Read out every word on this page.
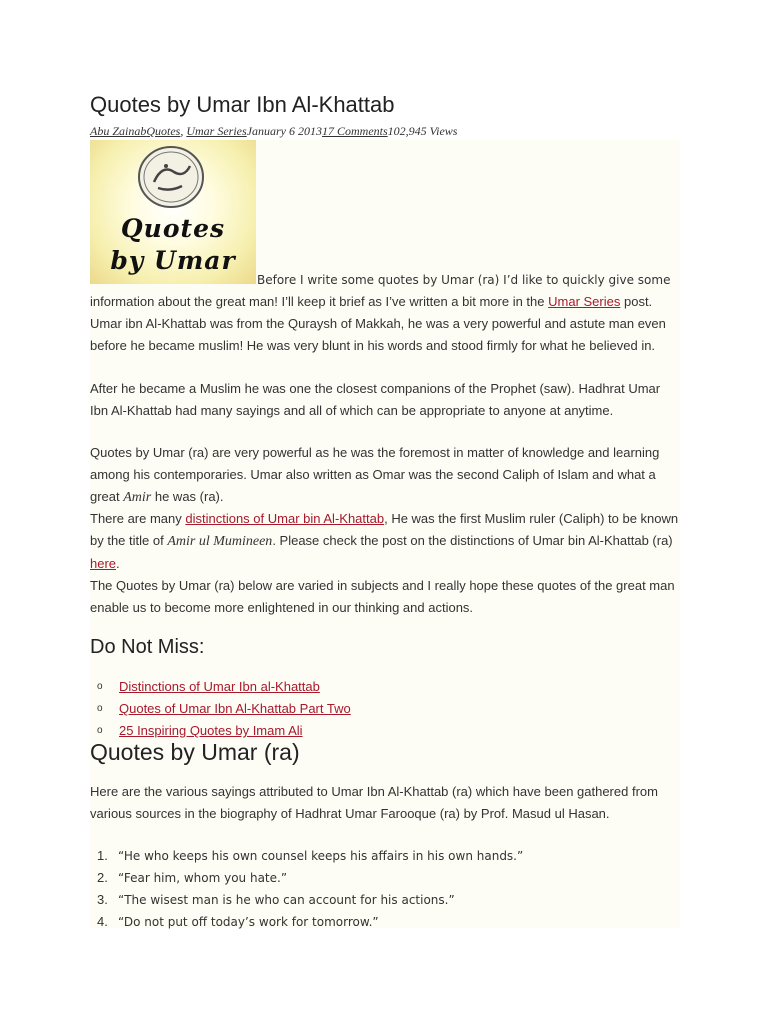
Quotes by Umar Ibn Al-Khattab
Abu ZainabQuotes, Umar SeriesJanuary 6 201317 Comments102,945 Views
Quotes
by Umar
Before I write some quotes by Umar (ra) I’d like to quickly give some
information about the great man! I’ll keep it brief as I’ve written a bit more in the Umar Series post. Umar ibn Al-Khattab was from the Quraysh of Makkah, he was a very powerful and astute man even before he became muslim! He was very blunt in his words and stood firmly for what he believed in.
After he became a Muslim he was one the closest companions of the Prophet (saw). Hadhrat Umar Ibn Al-Khattab had many sayings and all of which can be appropriate to anyone at anytime.
Quotes by Umar (ra) are very powerful as he was the foremost in matter of knowledge and learning among his contemporaries. Umar also written as Omar was the second Caliph of Islam and what a great Amir he was (ra).
There are many distinctions of Umar bin Al-Khattab, He was the first Muslim ruler (Caliph) to be known by the title of Amir ul Mumineen. Please check the post on the distinctions of Umar bin Al-Khattab (ra) here.
The Quotes by Umar (ra) below are varied in subjects and I really hope these quotes of the great man enable us to become more enlightened in our thinking and actions.
Do Not Miss:
o Distinctions of Umar Ibn al-Khattab
o Quotes of Umar Ibn Al-Khattab Part Two
o 25 Inspiring Quotes by Imam Ali
Quotes by Umar (ra)
Here are the various sayings attributed to Umar Ibn Al-Khattab (ra) which have been gathered from various sources in the biography of Hadhrat Umar Farooque (ra) by Prof. Masud ul Hasan.
1. “He who keeps his own counsel keeps his affairs in his own hands.”
2. “Fear him, whom you hate.”
3. “The wisest man is he who can account for his actions.”
4. “Do not put off today’s work for tomorrow.”
